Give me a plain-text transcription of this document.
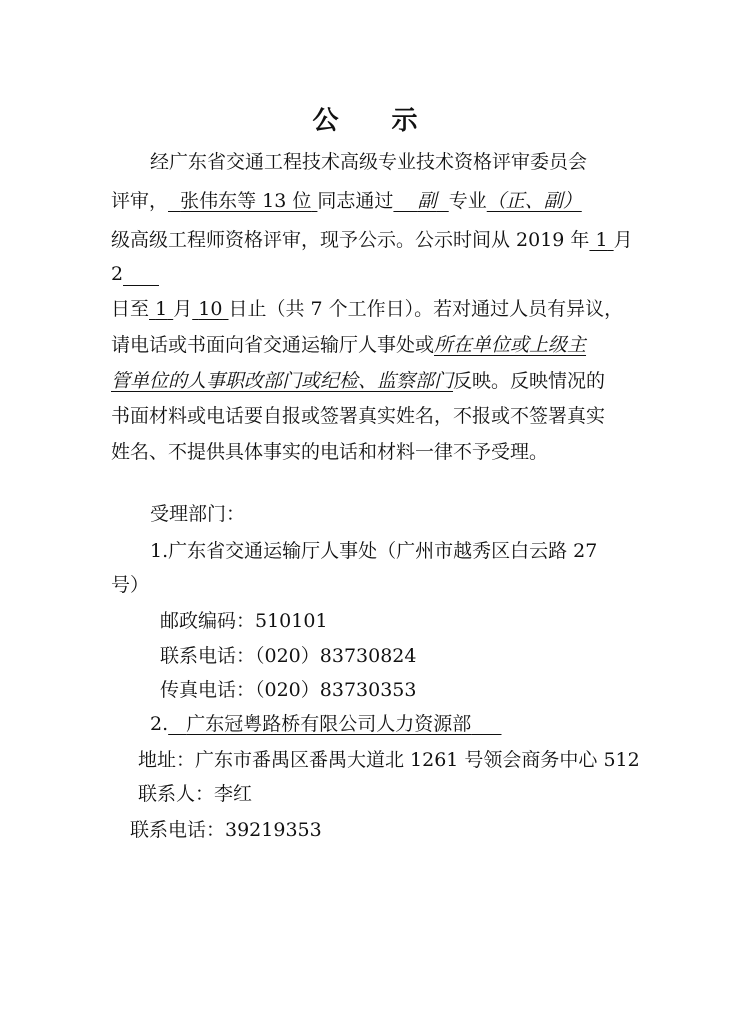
公 示
经广东省交通工程技术高级专业技术资格评审委员会
评审， 张伟东等 13 位 同志通过 副 专业（正、副）
级高级工程师资格评审，现予公示。公示时间从 2019 年 1 月
2
日至 1 月 10 日止（共 7 个工作日）。若对通过人员有异议，
请电话或书面向省交通运输厅人事处或所在单位或上级主
管单位的人事职改部门或纪检、监察部门反映。反映情况的
书面材料或电话要自报或签署真实姓名，不报或不签署真实
姓名、不提供具体事实的电话和材料一律不予受理。
受理部门：
1.广东省交通运输厅人事处（广州市越秀区白云路 27
号）
邮政编码：510101
联系电话：（020）83730824
传真电话：（020）83730353
2. 广东冠粤路桥有限公司人力资源部
地址：广东市番禺区番禺大道北 1261 号领会商务中心 512
联系人：李红
联系电话：39219353
